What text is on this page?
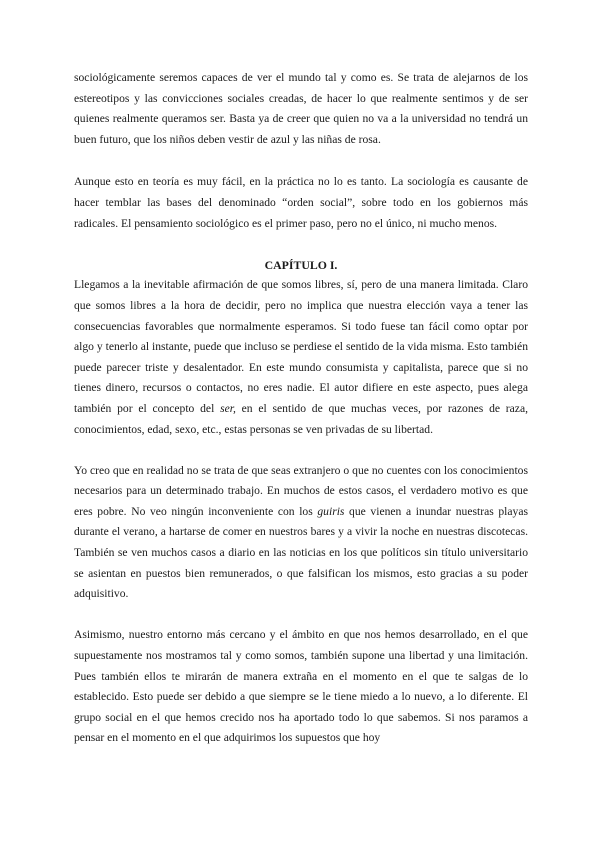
sociológicamente seremos capaces de ver el mundo tal y como es. Se trata de alejarnos de los estereotipos y las convicciones sociales creadas, de hacer lo que realmente sentimos y de ser quienes realmente queramos ser. Basta ya de creer que quien no va a la universidad no tendrá un buen futuro, que los niños deben vestir de azul y las niñas de rosa.

Aunque esto en teoría es muy fácil, en la práctica no lo es tanto. La sociología es causante de hacer temblar las bases del denominado “orden social”, sobre todo en los gobiernos más radicales. El pensamiento sociológico es el primer paso, pero no el único, ni mucho menos.

CAPÍTULO I.

Llegamos a la inevitable afirmación de que somos libres, sí, pero de una manera limitada. Claro que somos libres a la hora de decidir, pero no implica que nuestra elección vaya a tener las consecuencias favorables que normalmente esperamos. Si todo fuese tan fácil como optar por algo y tenerlo al instante, puede que incluso se perdiese el sentido de la vida misma. Esto también puede parecer triste y desalentador. En este mundo consumista y capitalista, parece que si no tienes dinero, recursos o contactos, no eres nadie. El autor difiere en este aspecto, pues alega también por el concepto del ser, en el sentido de que muchas veces, por razones de raza, conocimientos, edad, sexo, etc., estas personas se ven privadas de su libertad.

Yo creo que en realidad no se trata de que seas extranjero o que no cuentes con los conocimientos necesarios para un determinado trabajo. En muchos de estos casos, el verdadero motivo es que eres pobre. No veo ningún inconveniente con los guiris que vienen a inundar nuestras playas durante el verano, a hartarse de comer en nuestros bares y a vivir la noche en nuestras discotecas. También se ven muchos casos a diario en las noticias en los que políticos sin título universitario se asientan en puestos bien remunerados, o que falsifican los mismos, esto gracias a su poder adquisitivo.

Asimismo, nuestro entorno más cercano y el ámbito en que nos hemos desarrollado, en el que supuestamente nos mostramos tal y como somos, también supone una libertad y una limitación. Pues también ellos te mirarán de manera extraña en el momento en el que te salgas de lo establecido. Esto puede ser debido a que siempre se le tiene miedo a lo nuevo, a lo diferente. El grupo social en el que hemos crecido nos ha aportado todo lo que sabemos. Si nos paramos a pensar en el momento en el que adquirimos los supuestos que hoy
